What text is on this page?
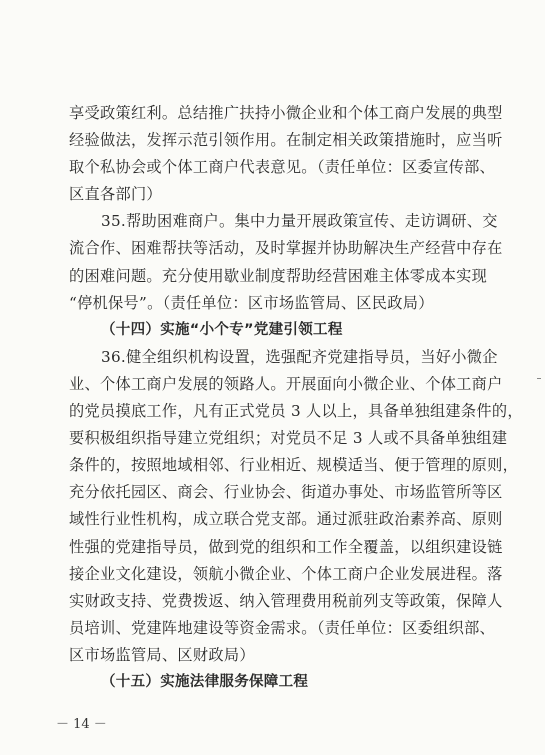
享受政策红利。总结推广扶持小微企业和个体工商户发展的典型
经验做法，发挥示范引领作用。在制定相关政策措施时，应当听
取个私协会或个体工商户代表意见。（责任单位：区委宣传部、
区直各部门）
35.帮助困难商户。集中力量开展政策宣传、走访调研、交
流合作、困难帮扶等活动，及时掌握并协助解决生产经营中存在
的困难问题。充分使用歇业制度帮助经营困难主体零成本实现
“停机保号”。（责任单位：区市场监管局、区民政局）
（十四）实施“小个专”党建引领工程
36.健全组织机构设置，选强配齐党建指导员，当好小微企
业、个体工商户发展的领路人。开展面向小微企业、个体工商户
的党员摸底工作，凡有正式党员 3 人以上，具备单独组建条件的，
要积极组织指导建立党组织；对党员不足 3 人或不具备单独组建
条件的，按照地域相邻、行业相近、规模适当、便于管理的原则，
充分依托园区、商会、行业协会、街道办事处、市场监管所等区
域性行业性机构，成立联合党支部。通过派驻政治素养高、原则
性强的党建指导员，做到党的组织和工作全覆盖，以组织建设链
接企业文化建设，领航小微企业、个体工商户企业发展进程。落
实财政支持、党费拨返、纳入管理费用税前列支等政策，保障人
员培训、党建阵地建设等资金需求。（责任单位：区委组织部、
区市场监管局、区财政局）
（十五）实施法律服务保障工程
－ 14 －
